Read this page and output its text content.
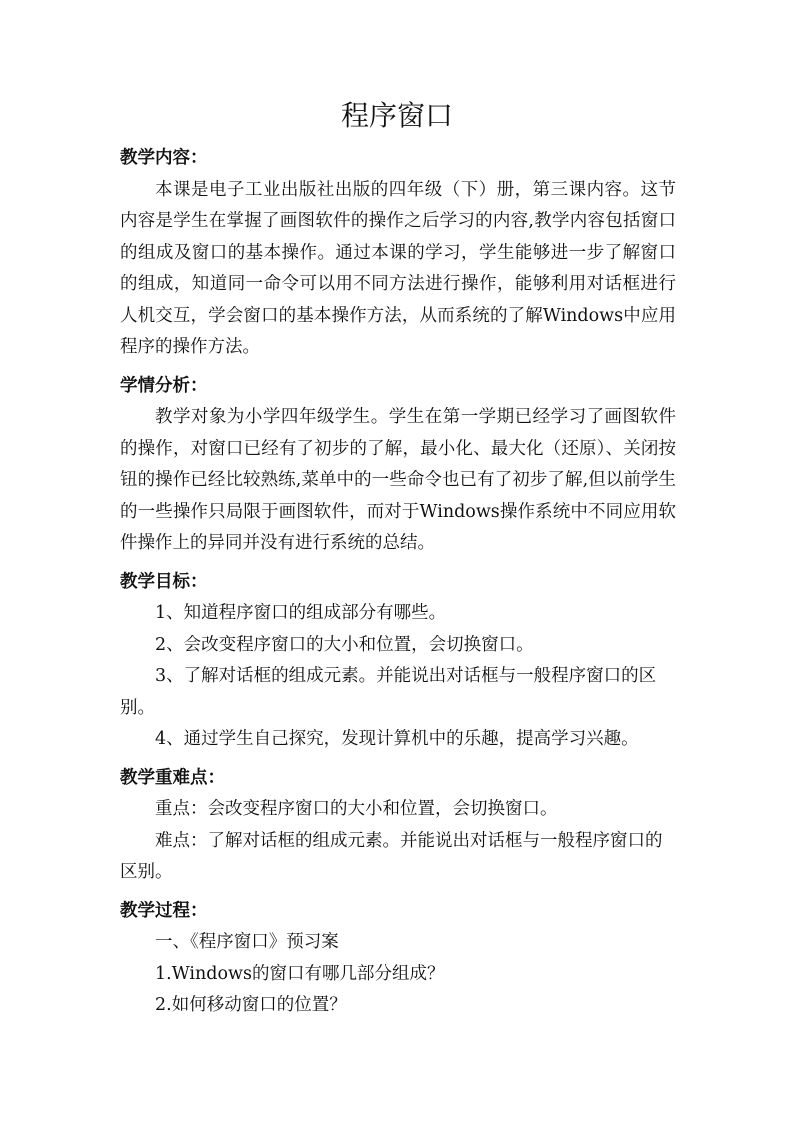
程序窗口

教学内容：

本课是电子工业出版社出版的四年级（下）册，第三课内容。这节内容是学生在掌握了画图软件的操作之后学习的内容,教学内容包括窗口的组成及窗口的基本操作。通过本课的学习，学生能够进一步了解窗口的组成，知道同一命令可以用不同方法进行操作，能够利用对话框进行人机交互，学会窗口的基本操作方法，从而系统的了解Windows中应用程序的操作方法。

学情分析：

教学对象为小学四年级学生。学生在第一学期已经学习了画图软件的操作，对窗口已经有了初步的了解，最小化、最大化（还原）、关闭按钮的操作已经比较熟练,菜单中的一些命令也已有了初步了解,但以前学生的一些操作只局限于画图软件，而对于Windows操作系统中不同应用软件操作上的异同并没有进行系统的总结。

教学目标：

1、知道程序窗口的组成部分有哪些。

2、会改变程序窗口的大小和位置，会切换窗口。

3、了解对话框的组成元素。并能说出对话框与一般程序窗口的区别。

4、通过学生自己探究，发现计算机中的乐趣，提高学习兴趣。

教学重难点：

重点：会改变程序窗口的大小和位置，会切换窗口。

难点：了解对话框的组成元素。并能说出对话框与一般程序窗口的区别。

教学过程：

一、《程序窗口》预习案

1.Windows的窗口有哪几部分组成？

2.如何移动窗口的位置？
